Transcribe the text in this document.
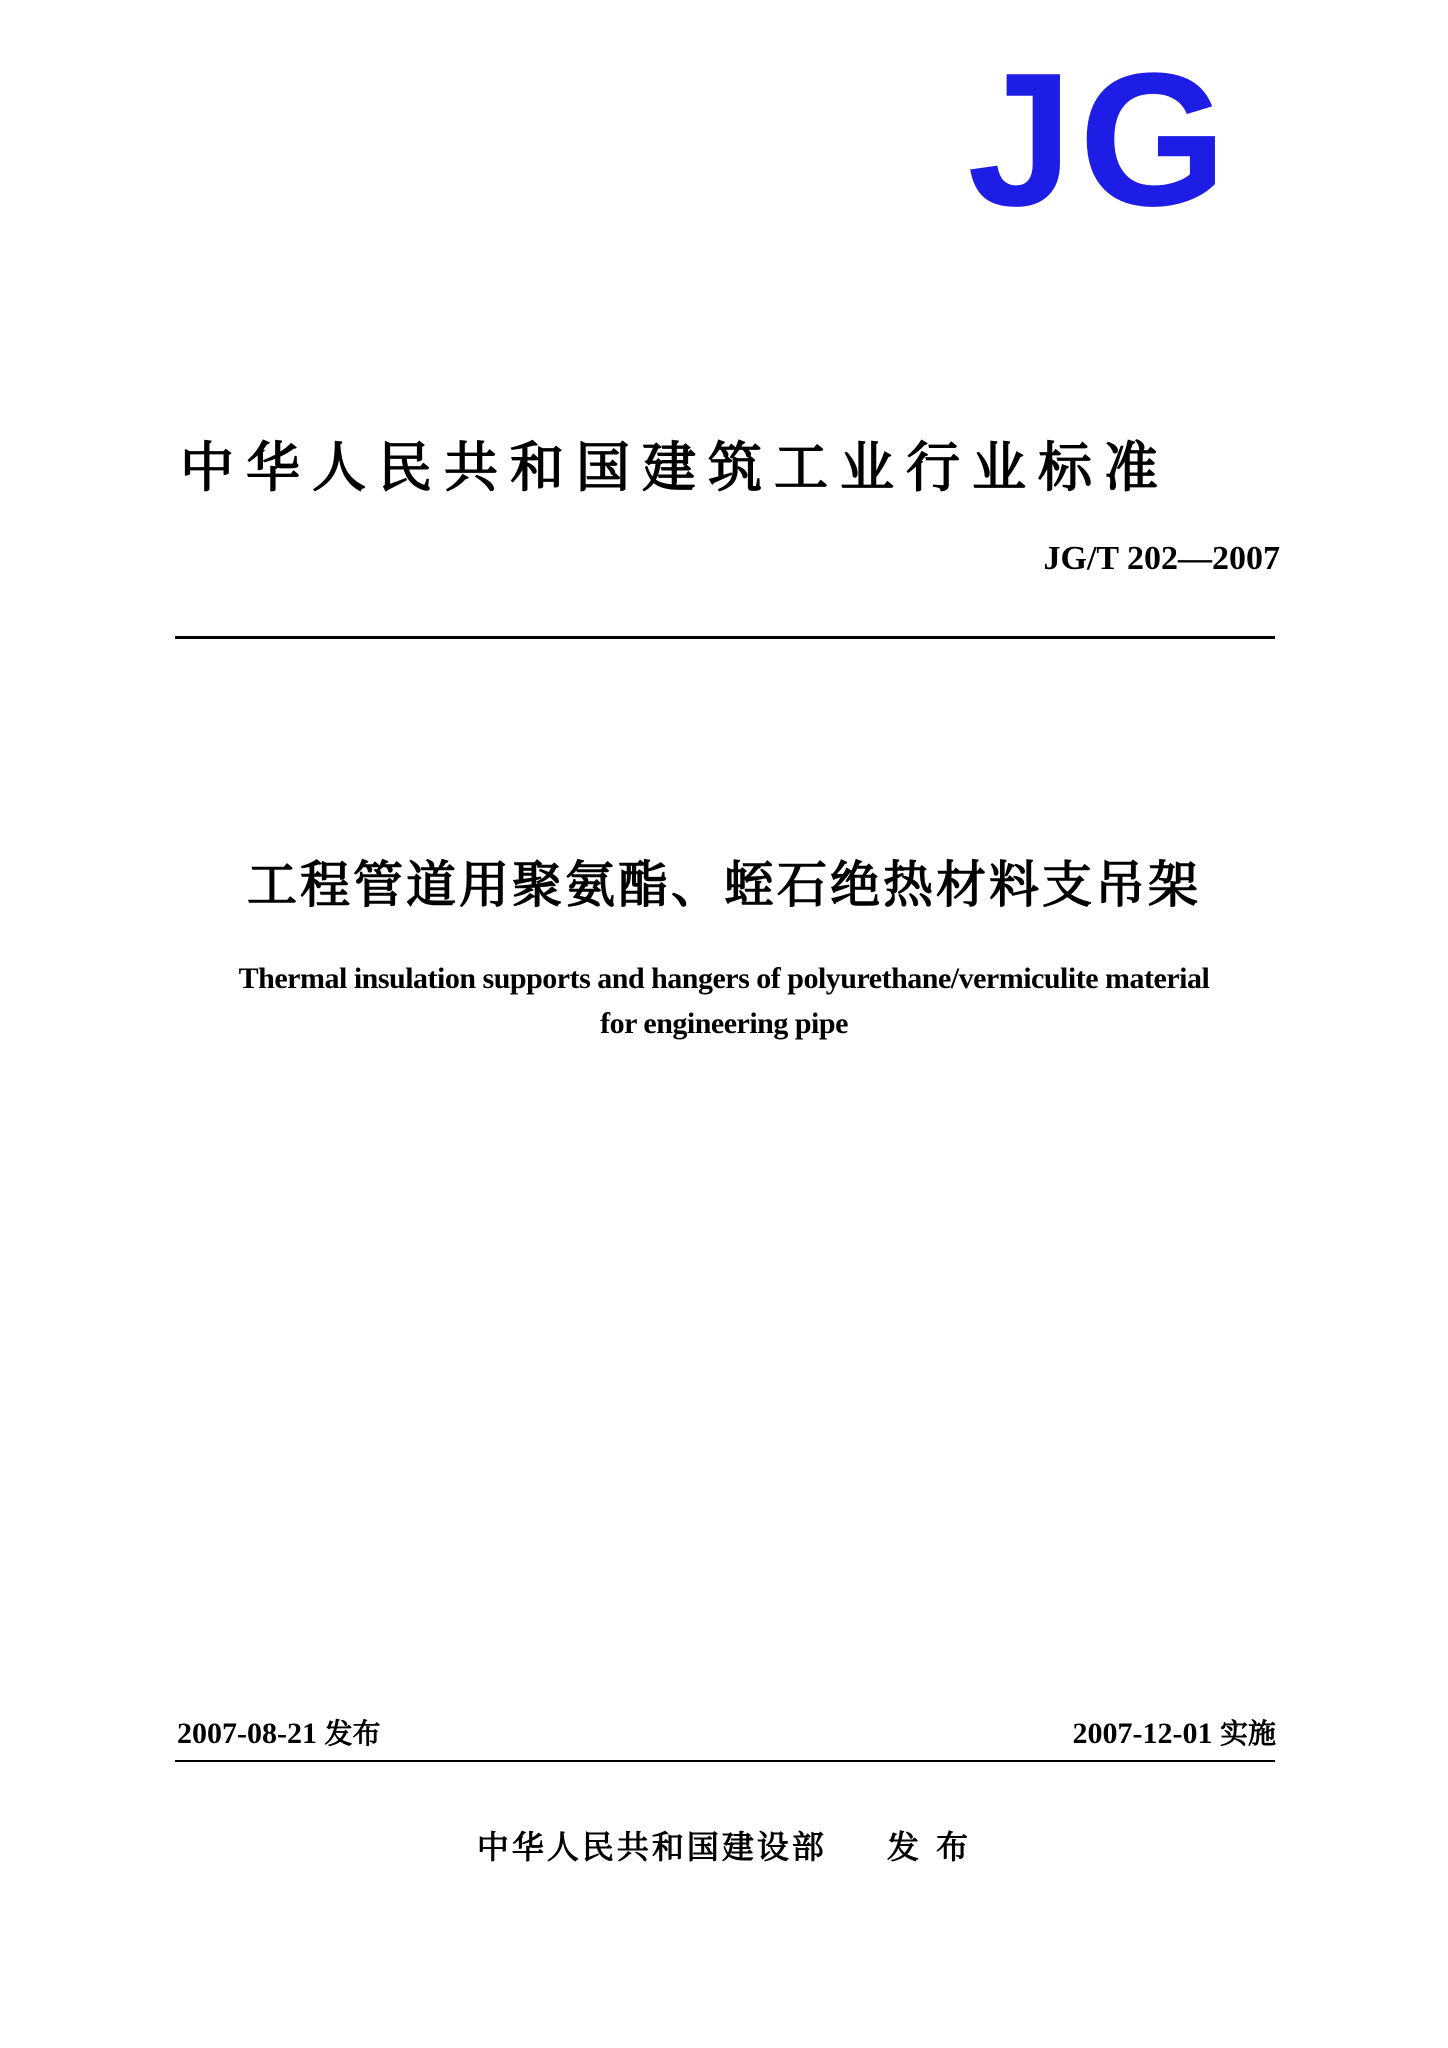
JG
中华人民共和国建筑工业行业标准
JG/T 202—2007
工程管道用聚氨酯、蛭石绝热材料支吊架
Thermal insulation supports and hangers of polyurethane/vermiculite material
for engineering pipe
2007-08-21 发布	2007-12-01 实施
中华人民共和国建设部 发 布
